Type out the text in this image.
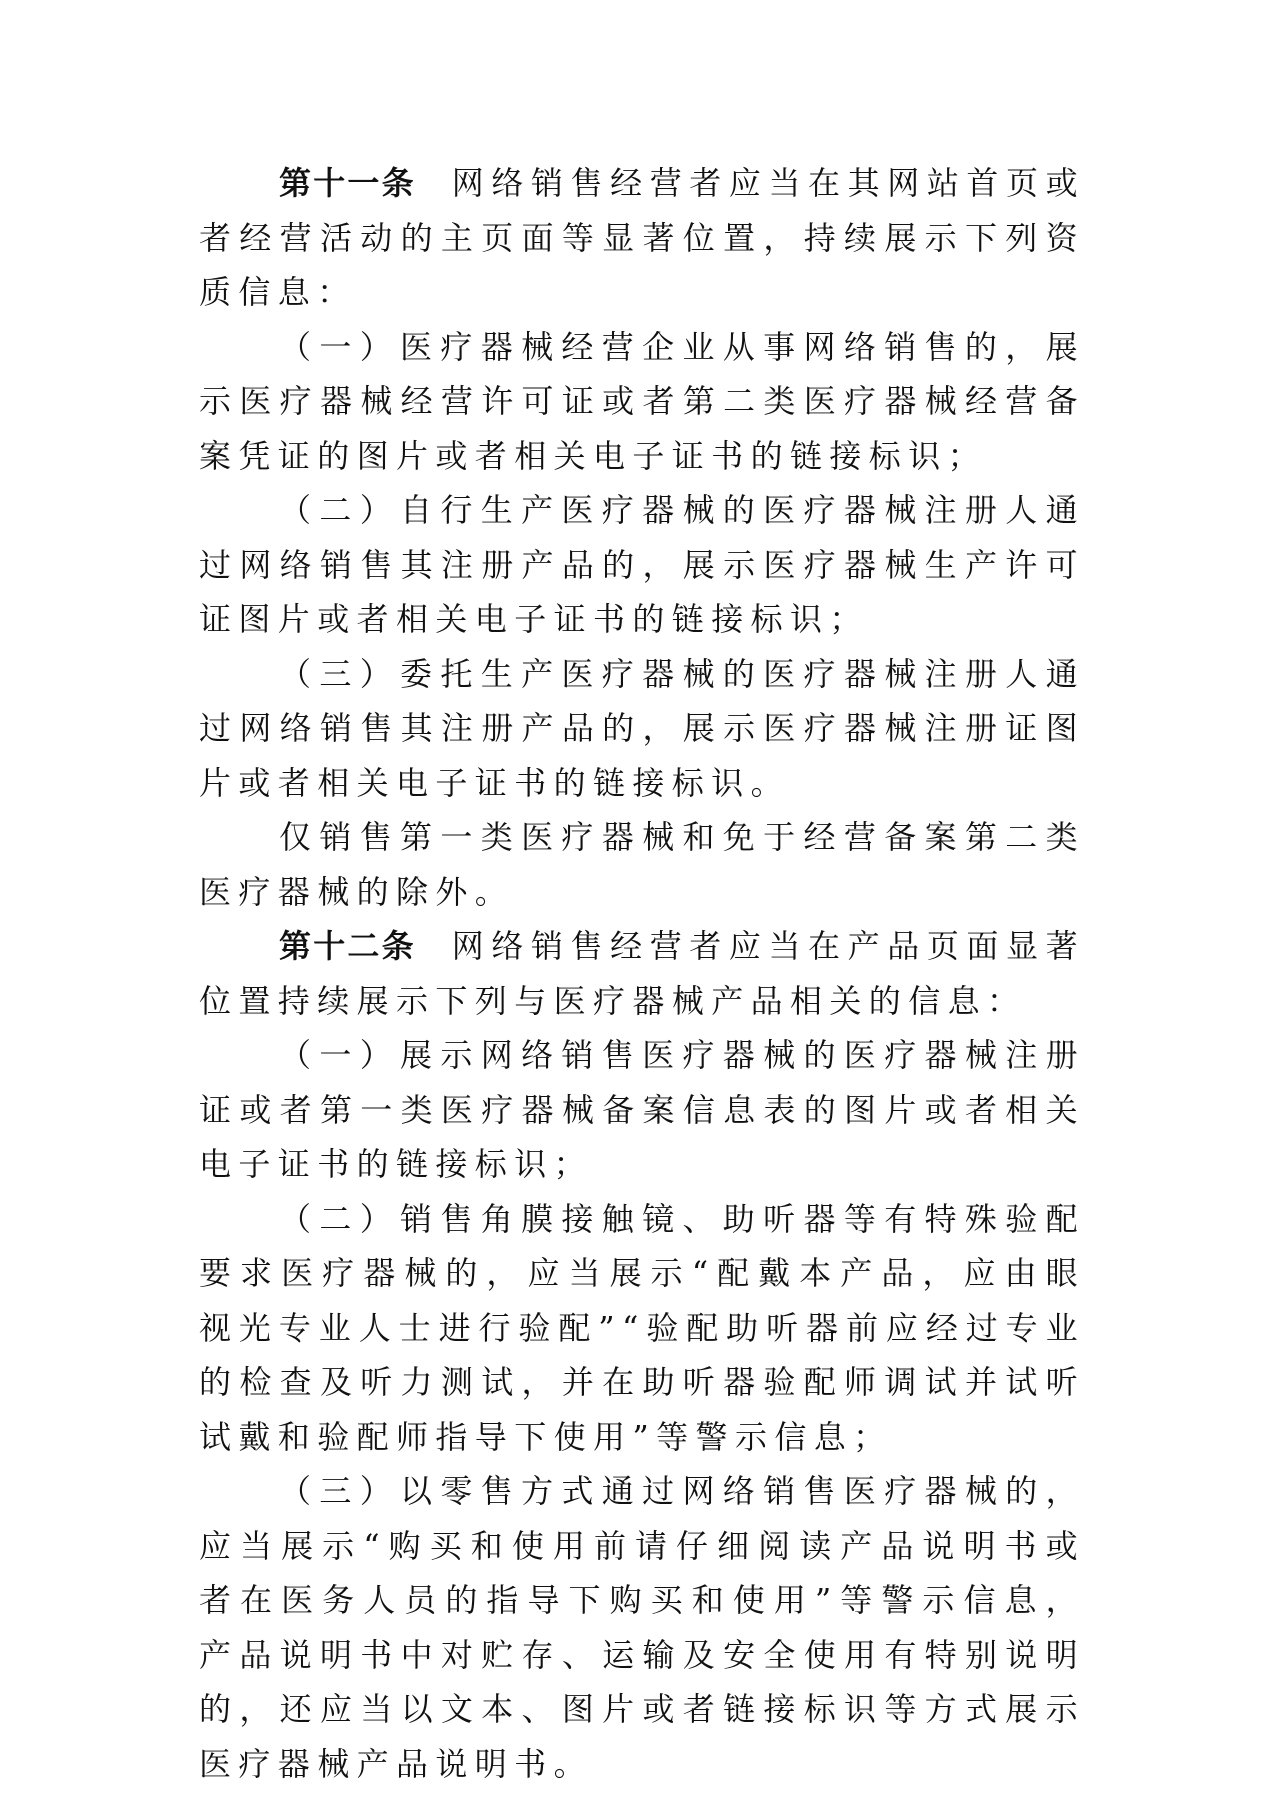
第十一条 网络销售经营者应当在其网站首页或者经营活动的主页面等显著位置，持续展示下列资质信息：

（一）医疗器械经营企业从事网络销售的，展示医疗器械经营许可证或者第二类医疗器械经营备案凭证的图片或者相关电子证书的链接标识；

（二）自行生产医疗器械的医疗器械注册人通过网络销售其注册产品的，展示医疗器械生产许可证图片或者相关电子证书的链接标识；

（三）委托生产医疗器械的医疗器械注册人通过网络销售其注册产品的，展示医疗器械注册证图片或者相关电子证书的链接标识。

仅销售第一类医疗器械和免于经营备案第二类医疗器械的除外。

第十二条 网络销售经营者应当在产品页面显著位置持续展示下列与医疗器械产品相关的信息：

（一）展示网络销售医疗器械的医疗器械注册证或者第一类医疗器械备案信息表的图片或者相关电子证书的链接标识；

（二）销售角膜接触镜、助听器等有特殊验配要求医疗器械的，应当展示“配戴本产品，应由眼视光专业人士进行验配”“验配助听器前应经过专业的检查及听力测试，并在助听器验配师调试并试听试戴和验配师指导下使用”等警示信息；

（三）以零售方式通过网络销售医疗器械的，应当展示“购买和使用前请仔细阅读产品说明书或者在医务人员的指导下购买和使用”等警示信息，产品说明书中对贮存、运输及安全使用有特别说明的，还应当以文本、图片或者链接标识等方式展示医疗器械产品说明书。
